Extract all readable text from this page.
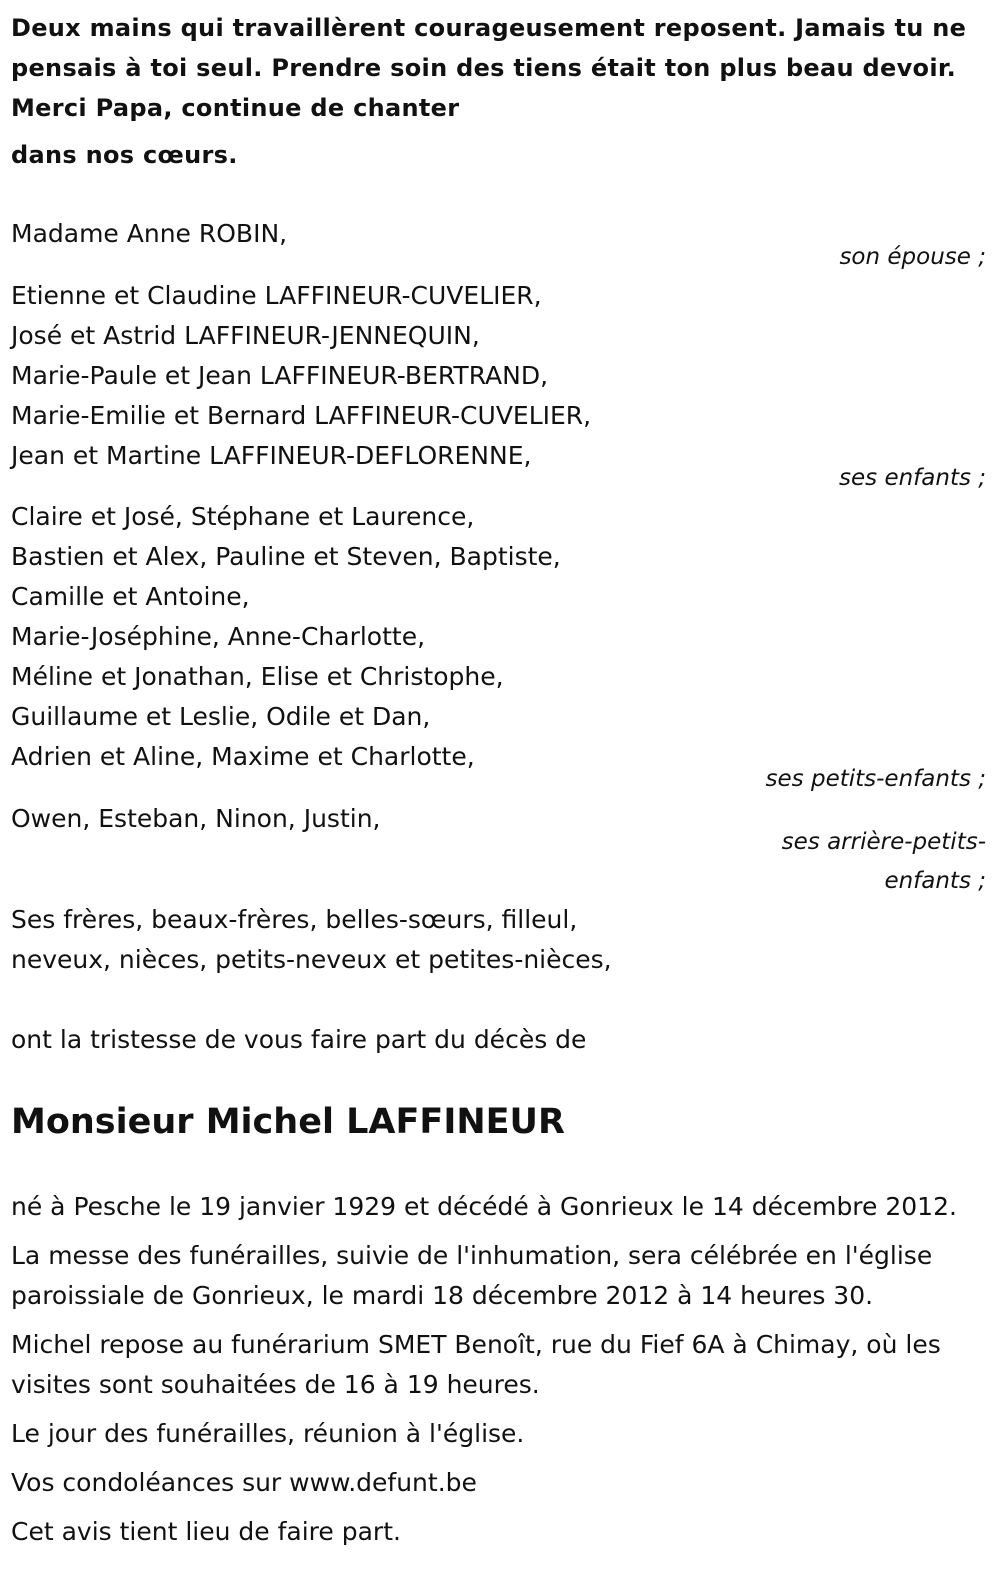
Deux mains qui travaillèrent courageusement reposent. Jamais tu ne pensais à toi seul. Prendre soin des tiens était ton plus beau devoir. Merci Papa, continue de chanter

dans nos cœurs.

Madame Anne ROBIN,

son épouse ;

Etienne et Claudine LAFFINEUR-CUVELIER,
José et Astrid LAFFINEUR-JENNEQUIN,
Marie-Paule et Jean LAFFINEUR-BERTRAND,
Marie-Emilie et Bernard LAFFINEUR-CUVELIER,
Jean et Martine LAFFINEUR-DEFLORENNE,

ses enfants ;

Claire et José, Stéphane et Laurence,
Bastien et Alex, Pauline et Steven, Baptiste,
Camille et Antoine,
Marie-Joséphine, Anne-Charlotte,
Méline et Jonathan, Elise et Christophe,
Guillaume et Leslie, Odile et Dan,
Adrien et Aline, Maxime et Charlotte,

ses petits-enfants ;

Owen, Esteban, Ninon, Justin,

ses arrière-petits-

enfants ;

Ses frères, beaux-frères, belles-sœurs, filleul,
neveux, nièces, petits-neveux et petites-nièces,

ont la tristesse de vous faire part du décès de

Monsieur Michel LAFFINEUR

né à Pesche le 19 janvier 1929 et décédé à Gonrieux le 14 décembre 2012.

La messe des funérailles, suivie de l'inhumation, sera célébrée en l'église paroissiale de Gonrieux, le mardi 18 décembre 2012 à 14 heures 30.

Michel repose au funérarium SMET Benoît, rue du Fief 6A à Chimay, où les visites sont souhaitées de 16 à 19 heures.

Le jour des funérailles, réunion à l'église.

Vos condoléances sur www.defunt.be

Cet avis tient lieu de faire part.
